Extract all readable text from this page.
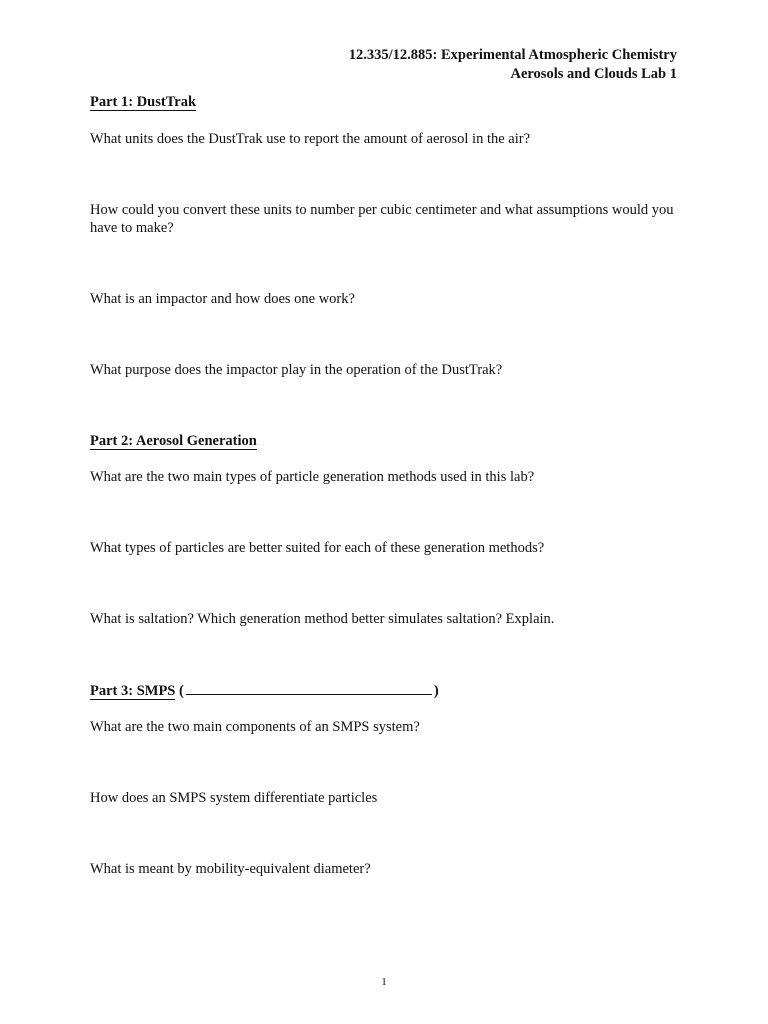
12.335/12.885: Experimental Atmospheric Chemistry
Aerosols and Clouds Lab 1
Part 1: DustTrak
What units does the DustTrak use to report the amount of aerosol in the air?
How could you convert these units to number per cubic centimeter and what assumptions would you have to make?
What is an impactor and how does one work?
What purpose does the impactor play in the operation of the DustTrak?
Part 2: Aerosol Generation
What are the two main types of particle generation methods used in this lab?
What types of particles are better suited for each of these generation methods?
What is saltation? Which generation method better simulates saltation? Explain.
Part 3: SMPS (	)
What are the two main components of an SMPS system?
How does an SMPS system differentiate particles
What is meant by mobility-equivalent diameter?
1
